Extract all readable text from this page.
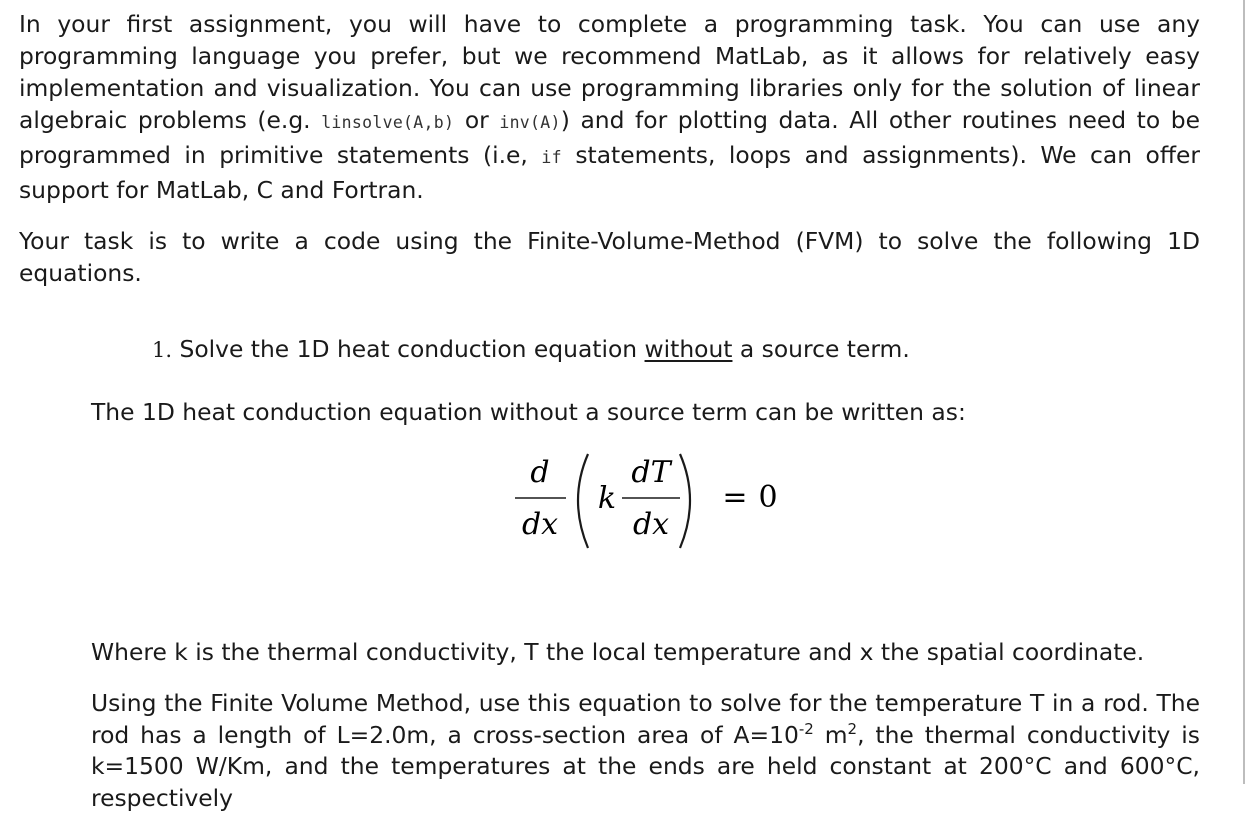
In your first assignment, you will have to complete a programming task. You can use any programming language you prefer, but we recommend MatLab, as it allows for relatively easy implementation and visualization. You can use programming libraries only for the solution of linear algebraic problems (e.g. linsolve(A,b) or inv(A)) and for plotting data. All other routines need to be programmed in primitive statements (i.e, if statements, loops and assignments). We can offer support for MatLab, C and Fortran.

Your task is to write a code using the Finite-Volume-Method (FVM) to solve the following 1D equations.

1. Solve the 1D heat conduction equation without a source term.

The 1D heat conduction equation without a source term can be written as:

Where k is the thermal conductivity, T the local temperature and x the spatial coordinate.

Using the Finite Volume Method, use this equation to solve for the temperature T in a rod. The rod has a length of L=2.0m, a cross-section area of $A=10^{-2}$ $m^2$, the thermal conductivity is k=1500 W/Km, and the temperatures at the ends are held constant at 200°C and 600°C, respectively

d
dx
k
dT
dx
= 0
